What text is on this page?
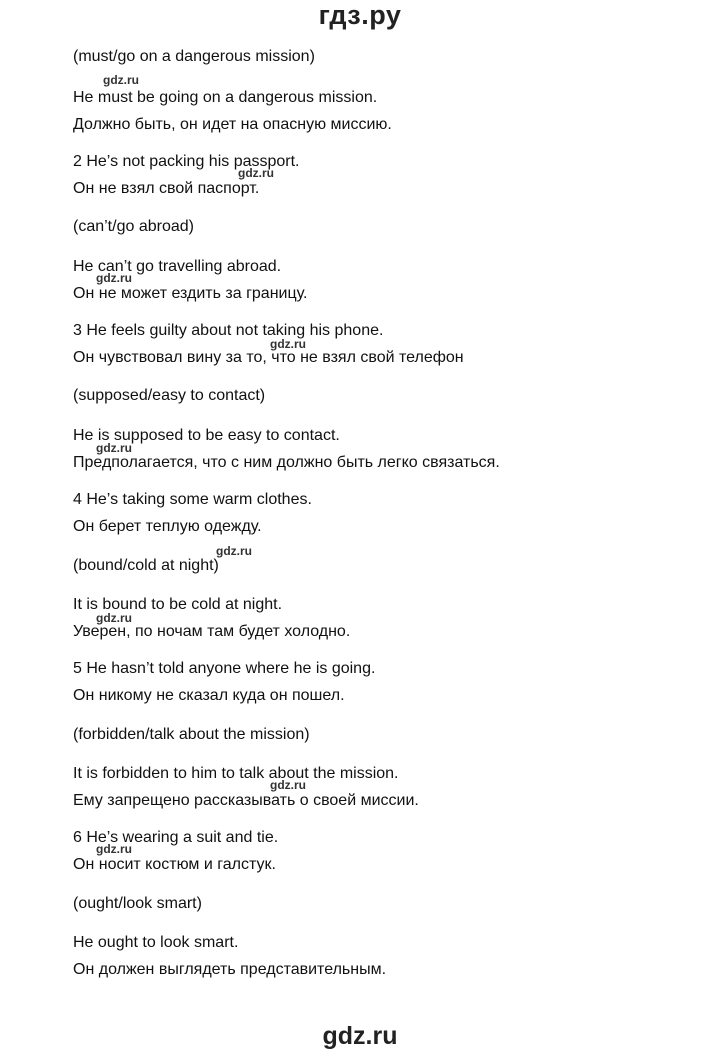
гдз.ру
(must/go on a dangerous mission)
He must be going on a dangerous mission.
Должно быть, он идет на опасную миссию.
2 He’s not packing his passport.
Он не взял свой паспорт.
(can’t/go abroad)
He can’t go travelling abroad.
Он не может ездить за границу.
3 He feels guilty about not taking his phone.
Он чувствовал вину за то, что не взял свой телефон
(supposed/easy to contact)
He is supposed to be easy to contact.
Предполагается, что с ним должно быть легко связаться.
4 He’s taking some warm clothes.
Он берет теплую одежду.
(bound/cold at night)
It is bound to be cold at night.
Уверен, по ночам там будет холодно.
5 He hasn’t told anyone where he is going.
Он никому не сказал куда он пошел.
(forbidden/talk about the mission)
It is forbidden to him to talk about the mission.
Ему запрещено рассказывать о своей миссии.
6 He’s wearing a suit and tie.
Он носит костюм и галстук.
(ought/look smart)
He ought to look smart.
Он должен выглядеть представительным.
gdz.ru
gdz.ru
gdz.ru
gdz.ru
gdz.ru
gdz.ru
gdz.ru
gdz.ru
gdz.ru
gdz.ru
